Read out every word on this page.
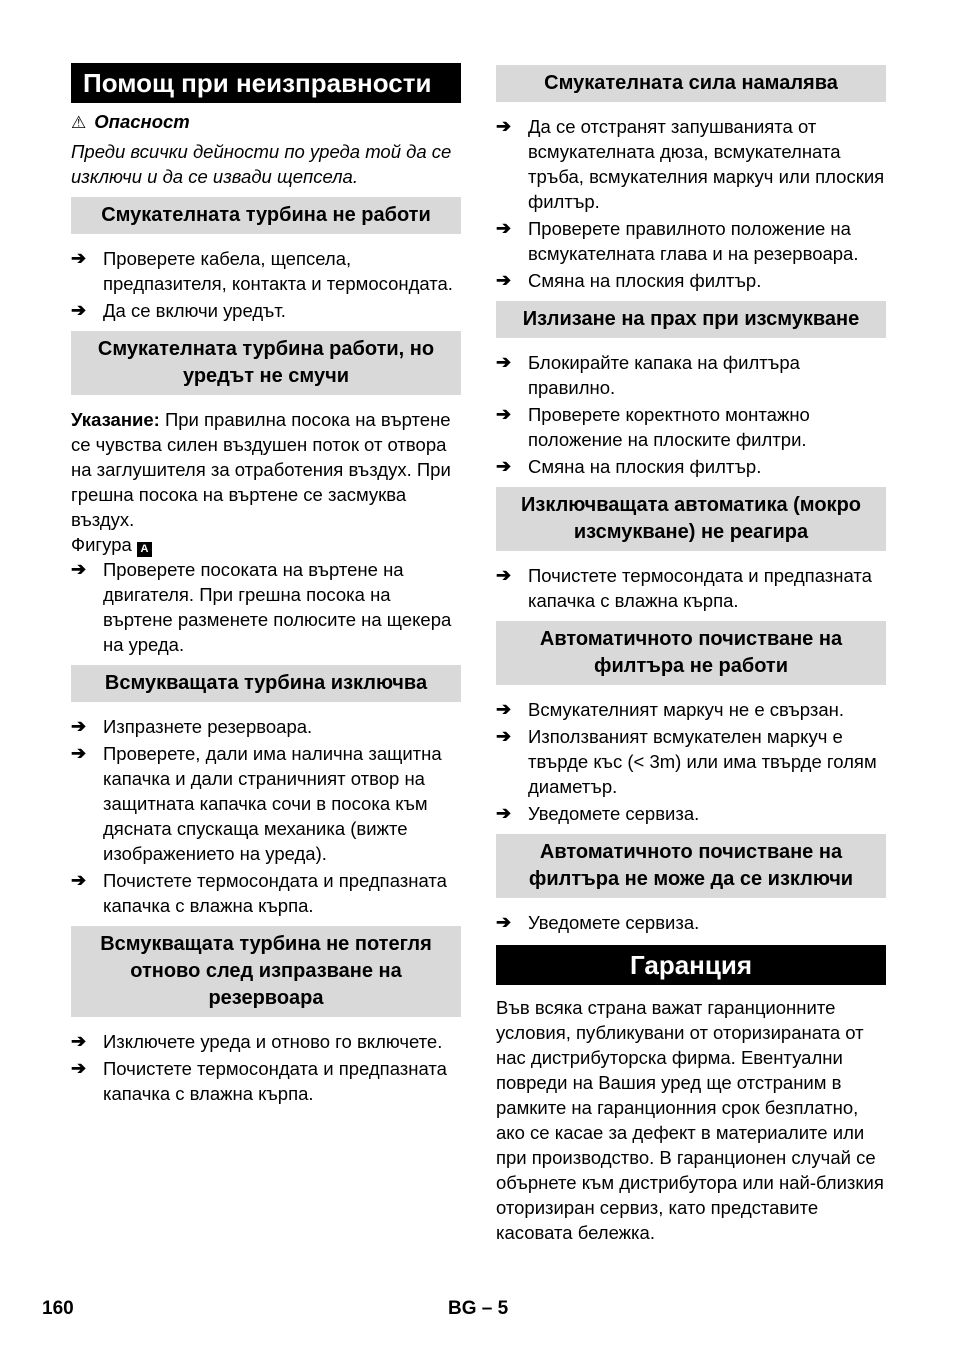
Помощ при неизправности
⚠ Опасност
Преди всички дейности по уреда той да се изключи и да се извади щепсела.
Смукателната турбина не работи
➔ Проверете кабела, щепсела, предпазителя, контакта и термосондата.
➔ Да се включи уредът.
Смукателната турбина работи, но уредът не смучи
Указание: При правилна посока на въртене се чувства силен въздушен поток от отвора на заглушителя за отработения въздух. При грешна посока на въртене се засмуква въздух.
Фигура A
➔ Проверете посоката на въртене на двигателя. При грешна посока на въртене разменете полюсите на щекера на уреда.
Всмукващата турбина изключва
➔ Изпразнете резервоара.
➔ Проверете, дали има налична защитна капачка и дали страничният отвор на защитната капачка сочи в посока към дясната спускаща механика (вижте изображението на уреда).
➔ Почистете термосондата и предпазната капачка с влажна кърпа.
Всмукващата турбина не потегля отново след изпразване на резервоара
➔ Изключете уреда и отново го включете.
➔ Почистете термосондата и предпазната капачка с влажна кърпа.
Смукателната сила намалява
➔ Да се отстранят запушванията от всмукателната дюза, всмукателната тръба, всмукателния маркуч или плоския филтър.
➔ Проверете правилното положение на всмукателната глава и на резервоара.
➔ Смяна на плоския филтър.
Излизане на прах при изсмукване
➔ Блокирайте капака на филтъра правилно.
➔ Проверете коректното монтажно положение на плоските филтри.
➔ Смяна на плоския филтър.
Изключващата автоматика (мокро изсмукване) не реагира
➔ Почистете термосондата и предпазната капачка с влажна кърпа.
Автоматичното почистване на филтъра не работи
➔ Всмукателният маркуч не е свързан.
➔ Използваният всмукателен маркуч е твърде къс (< 3m) или има твърде голям диаметър.
➔ Уведомете сервиза.
Автоматичното почистване на филтъра не може да се изключи
➔ Уведомете сервиза.
Гаранция
Във всяка страна важат гаранционните условия, публикувани от оторизираната от нас дистрибуторска фирма. Евентуални повреди на Вашия уред ще отстраним в рамките на гаранционния срок безплатно, ако се касае за дефект в материалите или при производство. В гаранционен случай се обърнете към дистрибутора или най-близкия оторизиран сервиз, като представите касовата бележка.
160	BG – 5
